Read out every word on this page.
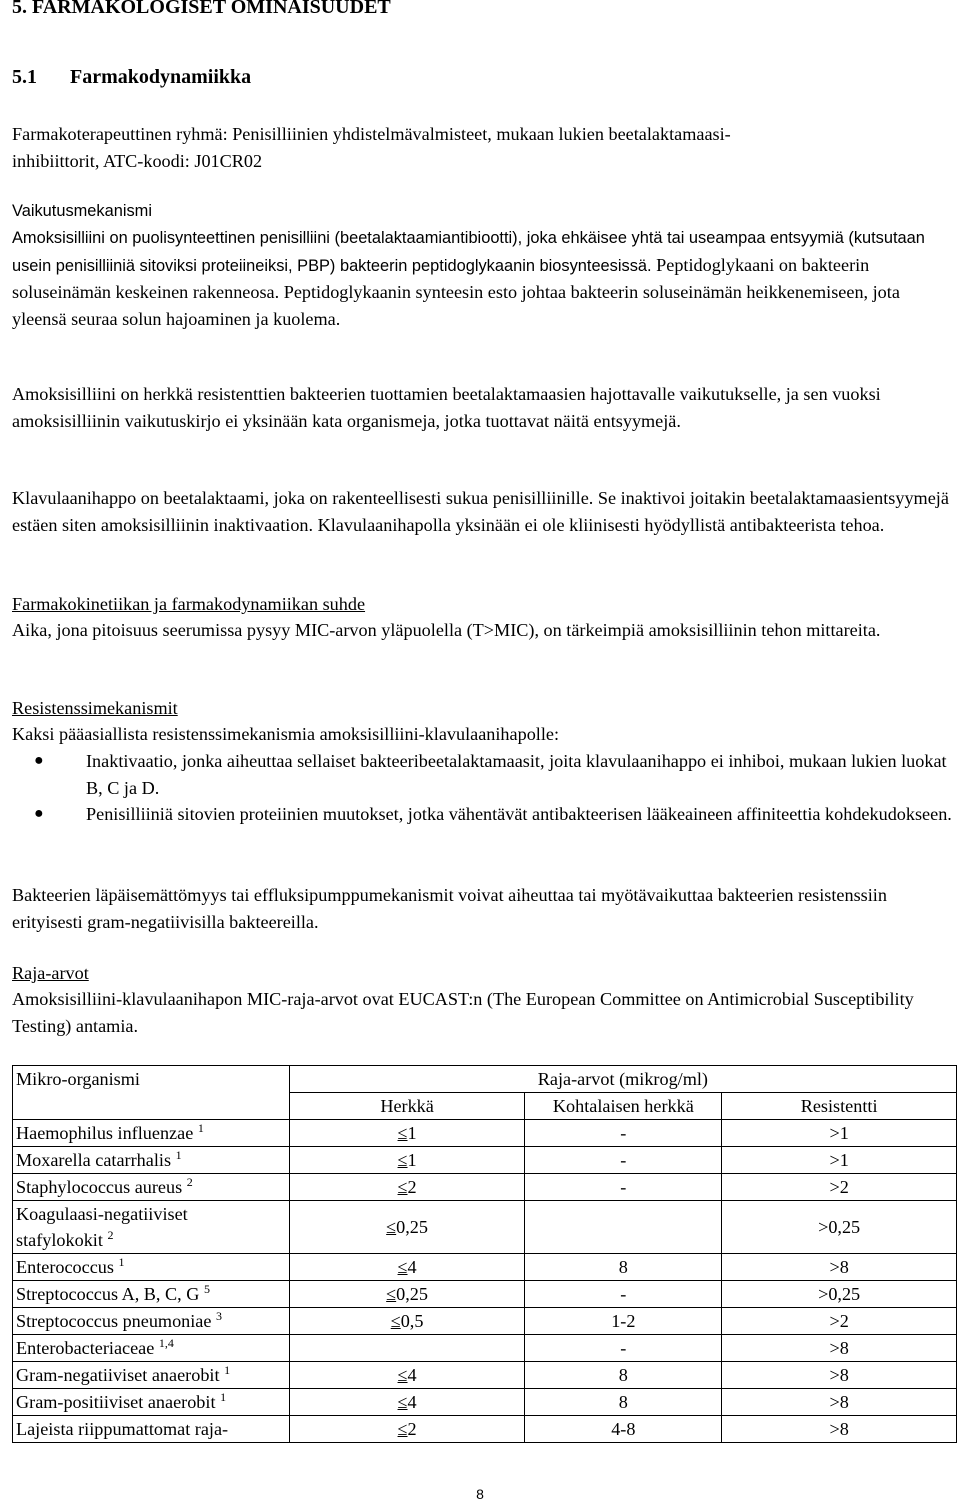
5. FARMAKOLOGISET OMINAISUUDET
5.1 Farmakodynamiikka

Farmakoterapeuttinen ryhmä: Penisilliinien yhdistelmävalmisteet, mukaan lukien beetalaktamaasi-
inhibiittorit, ATC-koodi: J01CR02

Vaikutusmekanismi

Amoksisilliini on puolisynteettinen penisilliini (beetalaktaamiantibiootti), joka ehkäisee yhtä tai useampaa entsyymiä (kutsutaan usein penisilliiniä sitoviksi proteiineiksi, PBP) bakteerin peptidoglykaanin biosynteesissä. Peptidoglykaani on bakteerin soluseinämän keskeinen rakenneosa. Peptidoglykaanin synteesin esto johtaa bakteerin soluseinämän heikkenemiseen, jota yleensä seuraa solun hajoaminen ja kuolema.

Amoksisilliini on herkkä resistenttien bakteerien tuottamien beetalaktamaasien hajottavalle vaikutukselle, ja sen vuoksi amoksisilliinin vaikutuskirjo ei yksinään kata organismeja, jotka tuottavat näitä entsyymejä.

Klavulaanihappo on beetalaktaami, joka on rakenteellisesti sukua penisilliinille. Se inaktivoi joitakin beetalaktamaasientsyymejä estäen siten amoksisilliinin inaktivaation. Klavulaanihapolla yksinään ei ole kliinisesti hyödyllistä antibakteerista tehoa.

Farmakokinetiikan ja farmakodynamiikan suhde

Aika, jona pitoisuus seerumissa pysyy MIC-arvon yläpuolella (T>MIC), on tärkeimpiä amoksisilliinin tehon mittareita.

Resistenssimekanismit

Kaksi pääasiallista resistenssimekanismia amoksisilliini-klavulaanihapolle:

● Inaktivaatio, jonka aiheuttaa sellaiset bakteeribeetalaktamaasit, joita klavulaanihappo ei inhiboi, mukaan lukien luokat B, C ja D.
● Penisilliiniä sitovien proteiinien muutokset, jotka vähentävät antibakteerisen lääkeaineen affiniteettia kohdekudokseen.

Bakteerien läpäisemättömyys tai effluksipumppumekanismit voivat aiheuttaa tai myötävaikuttaa bakteerien resistenssiin erityisesti gram-negatiivisilla bakteereilla.

Raja-arvot

Amoksisilliini-klavulaanihapon MIC-raja-arvot ovat EUCAST:n (The European Committee on Antimicrobial Susceptibility Testing) antamia.

Mikro-organismi	Raja-arvot (mikrog/ml)		
	Herkkä	Kohtalaisen herkkä	Resistentti
Haemophilus influenzae $^1$	≤1	-	>1
Moxarella catarrhalis $^1$	≤1	-	>1
Staphylococcus aureus $^2$	≤2	-	>2
Koagulaasi-negatiiviset
stafylokokit $^2$	≤0,25		>0,25
Enterococcus $^1$	≤4	8	>8
Streptococcus A, B, C, G $^5$	≤0,25	-	>0,25
Streptococcus pneumoniae $^3$	≤0,5	1-2	>2
Enterobacteriaceae $^{1,4}$		-	>8
Gram-negatiiviset anaerobit $^1$	≤4	8	>8
Gram-positiiviset anaerobit $^1$	≤4	8	>8
Lajeista riippumattomat raja-	≤2	4-8	>8
8
